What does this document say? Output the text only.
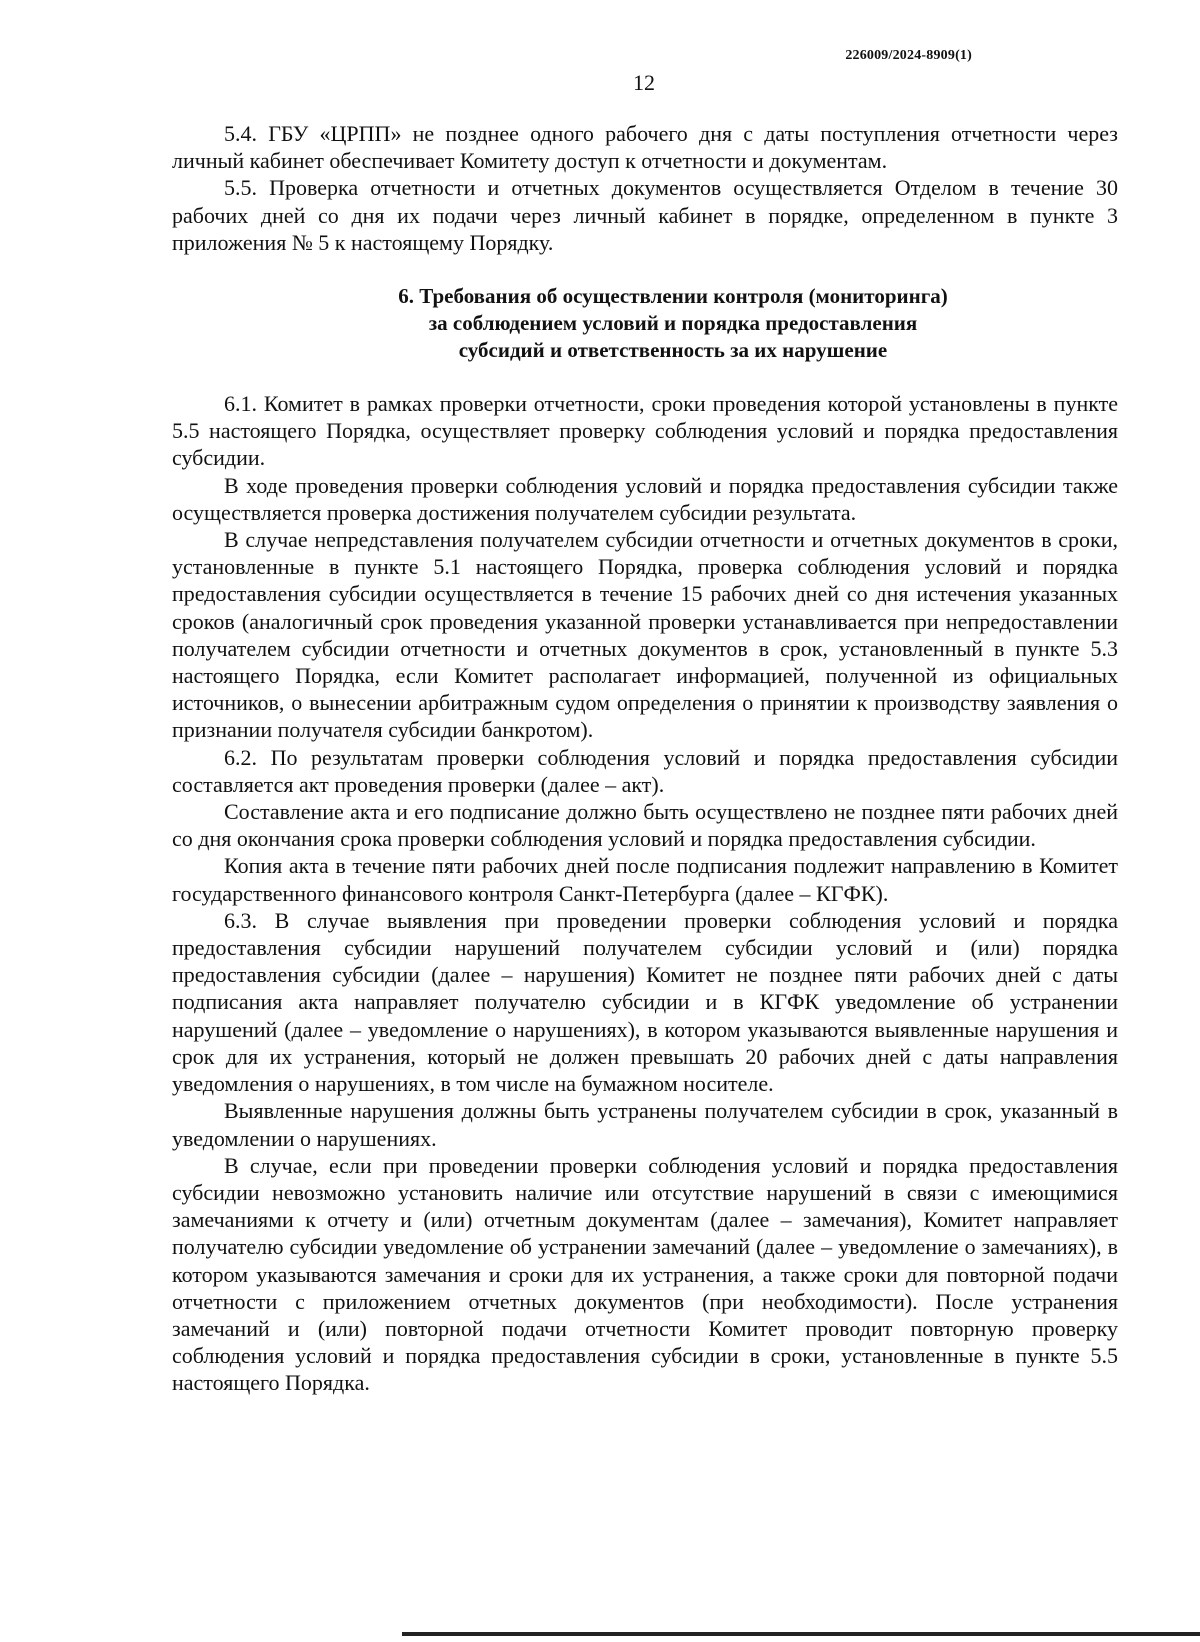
226009/2024-8909(1)
12

5.4. ГБУ «ЦРПП» не позднее одного рабочего дня с даты поступления отчетности через личный кабинет обеспечивает Комитету доступ к отчетности и документам.

5.5. Проверка отчетности и отчетных документов осуществляется Отделом в течение 30 рабочих дней со дня их подачи через личный кабинет в порядке, определенном в пункте 3 приложения № 5 к настоящему Порядку.

6. Требования об осуществлении контроля (мониторинга)
за соблюдением условий и порядка предоставления
субсидий и ответственность за их нарушение

6.1. Комитет в рамках проверки отчетности, сроки проведения которой установлены в пункте 5.5 настоящего Порядка, осуществляет проверку соблюдения условий и порядка предоставления субсидии.

В ходе проведения проверки соблюдения условий и порядка предоставления субсидии также осуществляется проверка достижения получателем субсидии результата.

В случае непредставления получателем субсидии отчетности и отчетных документов в сроки, установленные в пункте 5.1 настоящего Порядка, проверка соблюдения условий и порядка предоставления субсидии осуществляется в течение 15 рабочих дней со дня истечения указанных сроков (аналогичный срок проведения указанной проверки устанавливается при непредоставлении получателем субсидии отчетности и отчетных документов в срок, установленный в пункте 5.3 настоящего Порядка, если Комитет располагает информацией, полученной из официальных источников, о вынесении арбитражным судом определения о принятии к производству заявления о признании получателя субсидии банкротом).

6.2. По результатам проверки соблюдения условий и порядка предоставления субсидии составляется акт проведения проверки (далее – акт).

Составление акта и его подписание должно быть осуществлено не позднее пяти рабочих дней со дня окончания срока проверки соблюдения условий и порядка предоставления субсидии.

Копия акта в течение пяти рабочих дней после подписания подлежит направлению в Комитет государственного финансового контроля Санкт-Петербурга (далее – КГФК).

6.3. В случае выявления при проведении проверки соблюдения условий и порядка предоставления субсидии нарушений получателем субсидии условий и (или) порядка предоставления субсидии (далее – нарушения) Комитет не позднее пяти рабочих дней с даты подписания акта направляет получателю субсидии и в КГФК уведомление об устранении нарушений (далее – уведомление о нарушениях), в котором указываются выявленные нарушения и срок для их устранения, который не должен превышать 20 рабочих дней с даты направления уведомления о нарушениях, в том числе на бумажном носителе.

Выявленные нарушения должны быть устранены получателем субсидии в срок, указанный в уведомлении о нарушениях.

В случае, если при проведении проверки соблюдения условий и порядка предоставления субсидии невозможно установить наличие или отсутствие нарушений в связи с имеющимися замечаниями к отчету и (или) отчетным документам (далее – замечания), Комитет направляет получателю субсидии уведомление об устранении замечаний (далее – уведомление о замечаниях), в котором указываются замечания и сроки для их устранения, а также сроки для повторной подачи отчетности с приложением отчетных документов (при необходимости). После устранения замечаний и (или) повторной подачи отчетности Комитет проводит повторную проверку соблюдения условий и порядка предоставления субсидии в сроки, установленные в пункте 5.5 настоящего Порядка.
